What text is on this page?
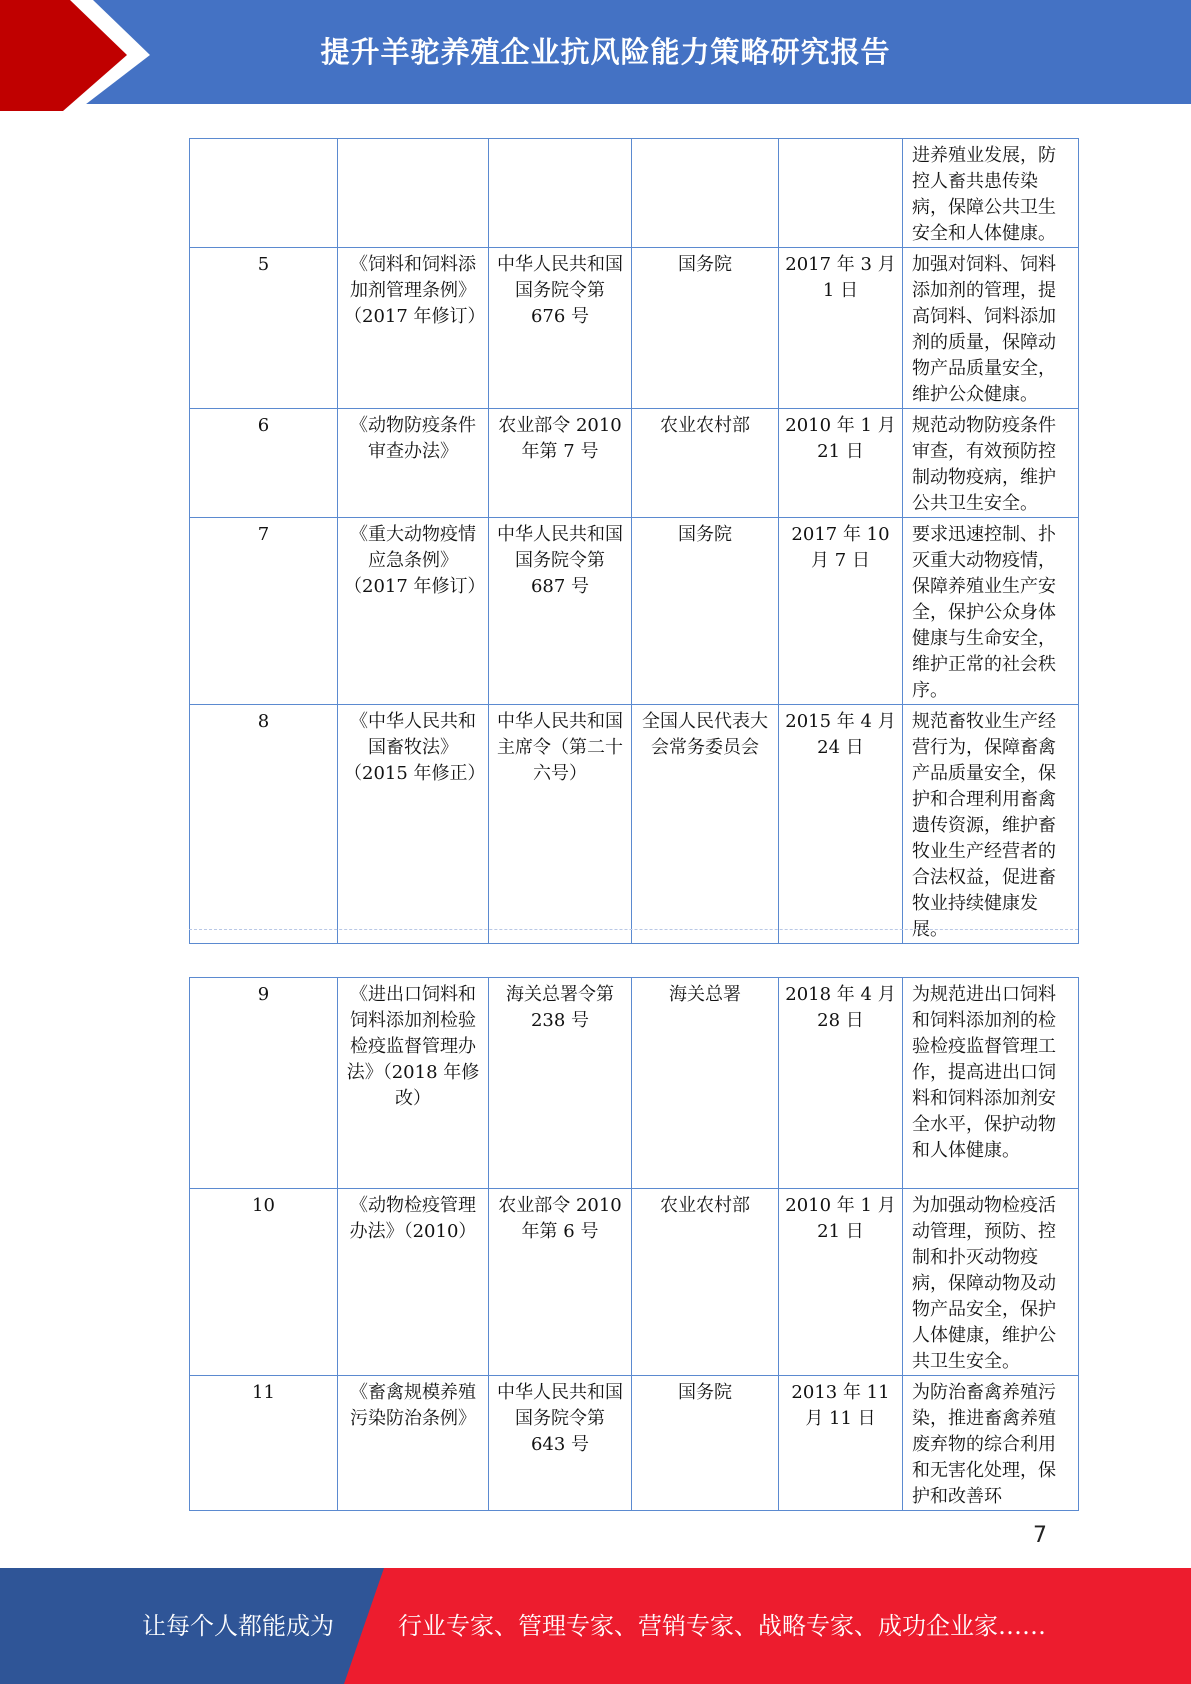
提升羊驼养殖企业抗风险能力策略研究报告
					进养殖业发展，防控人畜共患传染病，保障公共卫生安全和人体健康。
5	《饲料和饲料添加剂管理条例》（2017 年修订）	中华人民共和国国务院令第 676 号	国务院	2017 年 3 月 1 日	加强对饲料、饲料添加剂的管理，提高饲料、饲料添加剂的质量，保障动物产品质量安全，维护公众健康。
6	《动物防疫条件审查办法》	农业部令 2010 年第 7 号	农业农村部	2010 年 1 月 21 日	规范动物防疫条件审查，有效预防控制动物疫病，维护公共卫生安全。
7	《重大动物疫情应急条例》（2017 年修订）	中华人民共和国国务院令第 687 号	国务院	2017 年 10 月 7 日	要求迅速控制、扑灭重大动物疫情，保障养殖业生产安全，保护公众身体健康与生命安全，维护正常的社会秩序。
8	《中华人民共和国畜牧法》（2015 年修正）	中华人民共和国主席令（第二十六号）	全国人民代表大会常务委员会	2015 年 4 月 24 日	规范畜牧业生产经营行为，保障畜禽产品质量安全，保护和合理利用畜禽遗传资源，维护畜牧业生产经营者的合法权益，促进畜牧业持续健康发展。
9	《进出口饲料和饲料添加剂检验检疫监督管理办法》（2018 年修改）	海关总署令第 238 号	海关总署	2018 年 4 月 28 日	为规范进出口饲料和饲料添加剂的检验检疫监督管理工作，提高进出口饲料和饲料添加剂安全水平，保护动物和人体健康。
10	《动物检疫管理办法》（2010）	农业部令 2010 年第 6 号	农业农村部	2010 年 1 月 21 日	为加强动物检疫活动管理，预防、控制和扑灭动物疫病，保障动物及动物产品安全，保护人体健康，维护公共卫生安全。
11	《畜禽规模养殖污染防治条例》	中华人民共和国国务院令第 643 号	国务院	2013 年 11 月 11 日	为防治畜禽养殖污染，推进畜禽养殖废弃物的综合利用和无害化处理，保护和改善环
7
让每个人都能成为	行业专家、管理专家、营销专家、战略专家、成功企业家……
